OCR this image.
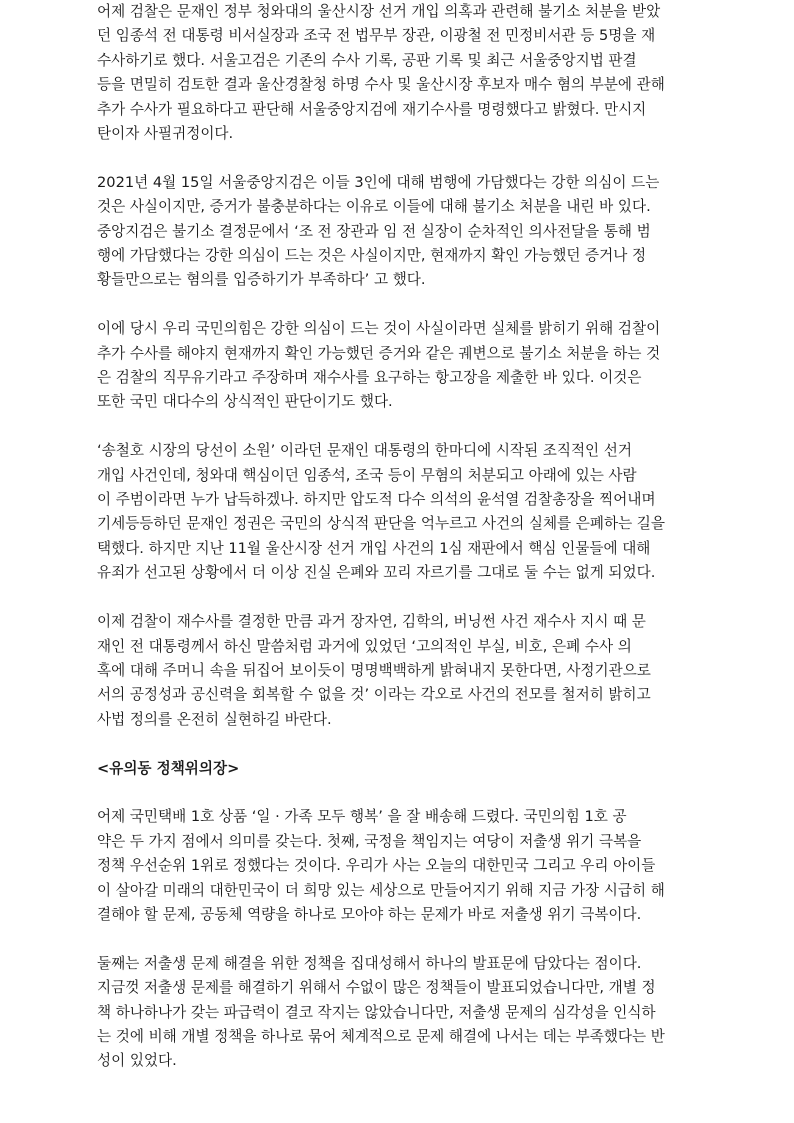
어제 검찰은 문재인 정부 청와대의 울산시장 선거 개입 의혹과 관련해 불기소 처분을 받았
던 임종석 전 대통령 비서실장과 조국 전 법무부 장관, 이광철 전 민정비서관 등 5명을 재
수사하기로 했다. 서울고검은 기존의 수사 기록, 공판 기록 및 최근 서울중앙지법 판결
등을 면밀히 검토한 결과 울산경찰청 하명 수사 및 울산시장 후보자 매수 혐의 부분에 관해
추가 수사가 필요하다고 판단해 서울중앙지검에 재기수사를 명령했다고 밝혔다. 만시지
탄이자 사필귀정이다.
2021년 4월 15일 서울중앙지검은 이들 3인에 대해 범행에 가담했다는 강한 의심이 드는
것은 사실이지만, 증거가 불충분하다는 이유로 이들에 대해 불기소 처분을 내린 바 있다.
중앙지검은 불기소 결정문에서 ‘조 전 장관과 임 전 실장이 순차적인 의사전달을 통해 범
행에 가담했다는 강한 의심이 드는 것은 사실이지만, 현재까지 확인 가능했던 증거나 정
황들만으로는 혐의를 입증하기가 부족하다’ 고 했다.
이에 당시 우리 국민의힘은 강한 의심이 드는 것이 사실이라면 실체를 밝히기 위해 검찰이
추가 수사를 해야지 현재까지 확인 가능했던 증거와 같은 궤변으로 불기소 처분을 하는 것
은 검찰의 직무유기라고 주장하며 재수사를 요구하는 항고장을 제출한 바 있다. 이것은
또한 국민 대다수의 상식적인 판단이기도 했다.
‘송철호 시장의 당선이 소원’ 이라던 문재인 대통령의 한마디에 시작된 조직적인 선거
개입 사건인데, 청와대 핵심이던 임종석, 조국 등이 무혐의 처분되고 아래에 있는 사람
이 주범이라면 누가 납득하겠나. 하지만 압도적 다수 의석의 윤석열 검찰총장을 찍어내며
기세등등하던 문재인 정권은 국민의 상식적 판단을 억누르고 사건의 실체를 은폐하는 길을
택했다. 하지만 지난 11월 울산시장 선거 개입 사건의 1심 재판에서 핵심 인물들에 대해
유죄가 선고된 상황에서 더 이상 진실 은폐와 꼬리 자르기를 그대로 둘 수는 없게 되었다.
이제 검찰이 재수사를 결정한 만큼 과거 장자연, 김학의, 버닝썬 사건 재수사 지시 때 문
재인 전 대통령께서 하신 말씀처럼 과거에 있었던 ‘고의적인 부실, 비호, 은폐 수사 의
혹에 대해 주머니 속을 뒤집어 보이듯이 명명백백하게 밝혀내지 못한다면, 사정기관으로
서의 공정성과 공신력을 회복할 수 없을 것’ 이라는 각오로 사건의 전모를 철저히 밝히고
사법 정의를 온전히 실현하길 바란다.
<유의동 정책위의장>
어제 국민택배 1호 상품 ‘일 · 가족 모두 행복’ 을 잘 배송해 드렸다. 국민의힘 1호 공
약은 두 가지 점에서 의미를 갖는다. 첫째, 국정을 책임지는 여당이 저출생 위기 극복을
정책 우선순위 1위로 정했다는 것이다. 우리가 사는 오늘의 대한민국 그리고 우리 아이들
이 살아갈 미래의 대한민국이 더 희망 있는 세상으로 만들어지기 위해 지금 가장 시급히 해
결해야 할 문제, 공동체 역량을 하나로 모아야 하는 문제가 바로 저출생 위기 극복이다.
둘째는 저출생 문제 해결을 위한 정책을 집대성해서 하나의 발표문에 담았다는 점이다.
지금껏 저출생 문제를 해결하기 위해서 수없이 많은 정책들이 발표되었습니다만, 개별 정
책 하나하나가 갖는 파급력이 결코 작지는 않았습니다만, 저출생 문제의 심각성을 인식하
는 것에 비해 개별 정책을 하나로 묶어 체계적으로 문제 해결에 나서는 데는 부족했다는 반
성이 있었다.
